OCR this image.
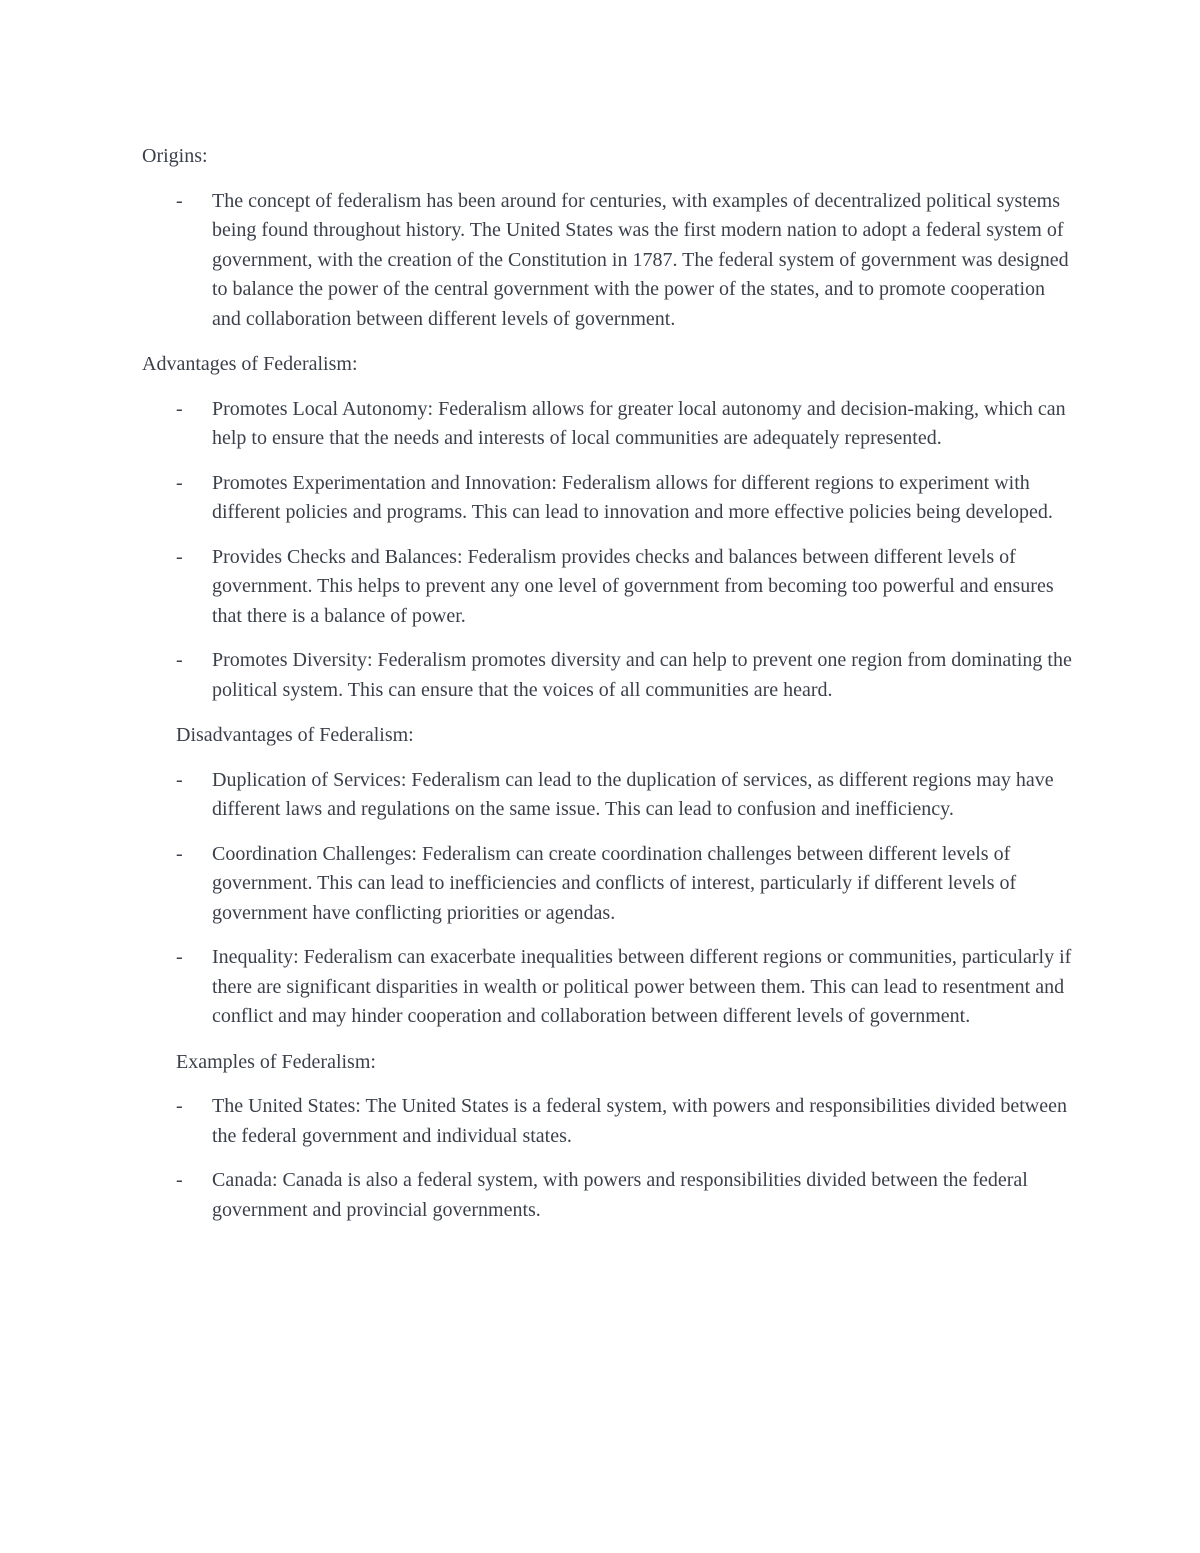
Origins:

-	The concept of federalism has been around for centuries, with examples of decentralized political systems being found throughout history. The United States was the first modern nation to adopt a federal system of government, with the creation of the Constitution in 1787. The federal system of government was designed to balance the power of the central government with the power of the states, and to promote cooperation and collaboration between different levels of government.

Advantages of Federalism:

-	Promotes Local Autonomy: Federalism allows for greater local autonomy and decision-making, which can help to ensure that the needs and interests of local communities are adequately represented.
-	Promotes Experimentation and Innovation: Federalism allows for different regions to experiment with different policies and programs. This can lead to innovation and more effective policies being developed.
-	Provides Checks and Balances: Federalism provides checks and balances between different levels of government. This helps to prevent any one level of government from becoming too powerful and ensures that there is a balance of power.
-	Promotes Diversity: Federalism promotes diversity and can help to prevent one region from dominating the political system. This can ensure that the voices of all communities are heard.

Disadvantages of Federalism:

-	Duplication of Services: Federalism can lead to the duplication of services, as different regions may have different laws and regulations on the same issue. This can lead to confusion and inefficiency.
-	Coordination Challenges: Federalism can create coordination challenges between different levels of government. This can lead to inefficiencies and conflicts of interest, particularly if different levels of government have conflicting priorities or agendas.
-	Inequality: Federalism can exacerbate inequalities between different regions or communities, particularly if there are significant disparities in wealth or political power between them. This can lead to resentment and conflict and may hinder cooperation and collaboration between different levels of government.

Examples of Federalism:

-	The United States: The United States is a federal system, with powers and responsibilities divided between the federal government and individual states.
-	Canada: Canada is also a federal system, with powers and responsibilities divided between the federal government and provincial governments.
